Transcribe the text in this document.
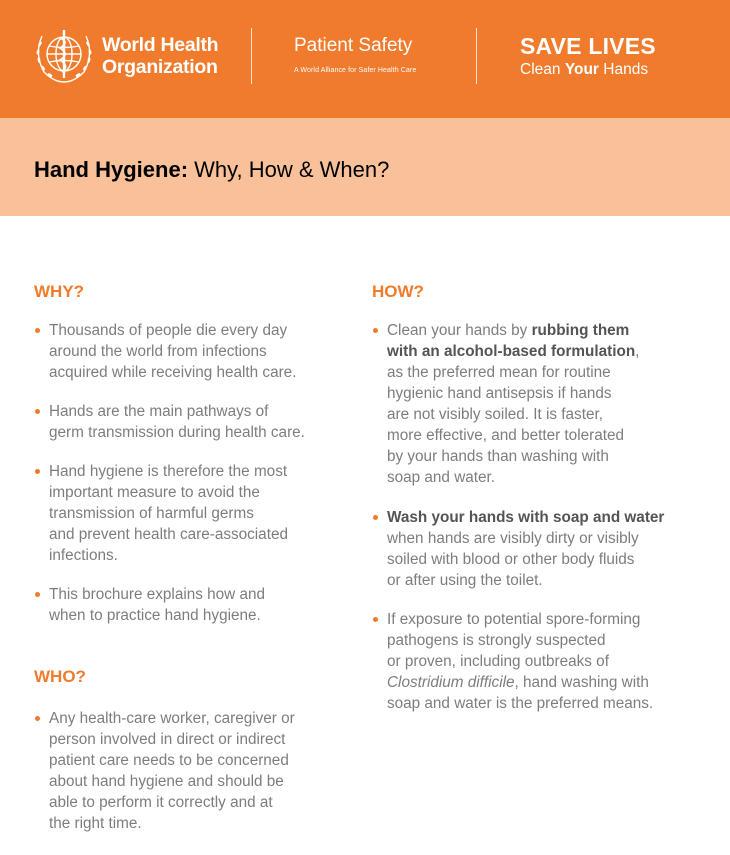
World Health
Organization
Patient Safety
A World Alliance for Safer Health Care
SAVE LIVES
Clean Your Hands
Hand Hygiene: Why, How & When?
WHY?
Thousands of people die every day
around the world from infections
acquired while receiving health care.
Hands are the main pathways of
germ transmission during health care.
Hand hygiene is therefore the most
important measure to avoid the
transmission of harmful germs
and prevent health care-associated
infections.
This brochure explains how and
when to practice hand hygiene.
WHO?
Any health-care worker, caregiver or
person involved in direct or indirect
patient care needs to be concerned
about hand hygiene and should be
able to perform it correctly and at
the right time.
HOW?
Clean your hands by rubbing them
with an alcohol-based formulation,
as the preferred mean for routine
hygienic hand antisepsis if hands
are not visibly soiled. It is faster,
more effective, and better tolerated
by your hands than washing with
soap and water.
Wash your hands with soap and water
when hands are visibly dirty or visibly
soiled with blood or other body fluids
or after using the toilet.
If exposure to potential spore-forming
pathogens is strongly suspected
or proven, including outbreaks of
Clostridium difficile, hand washing with
soap and water is the preferred means.
